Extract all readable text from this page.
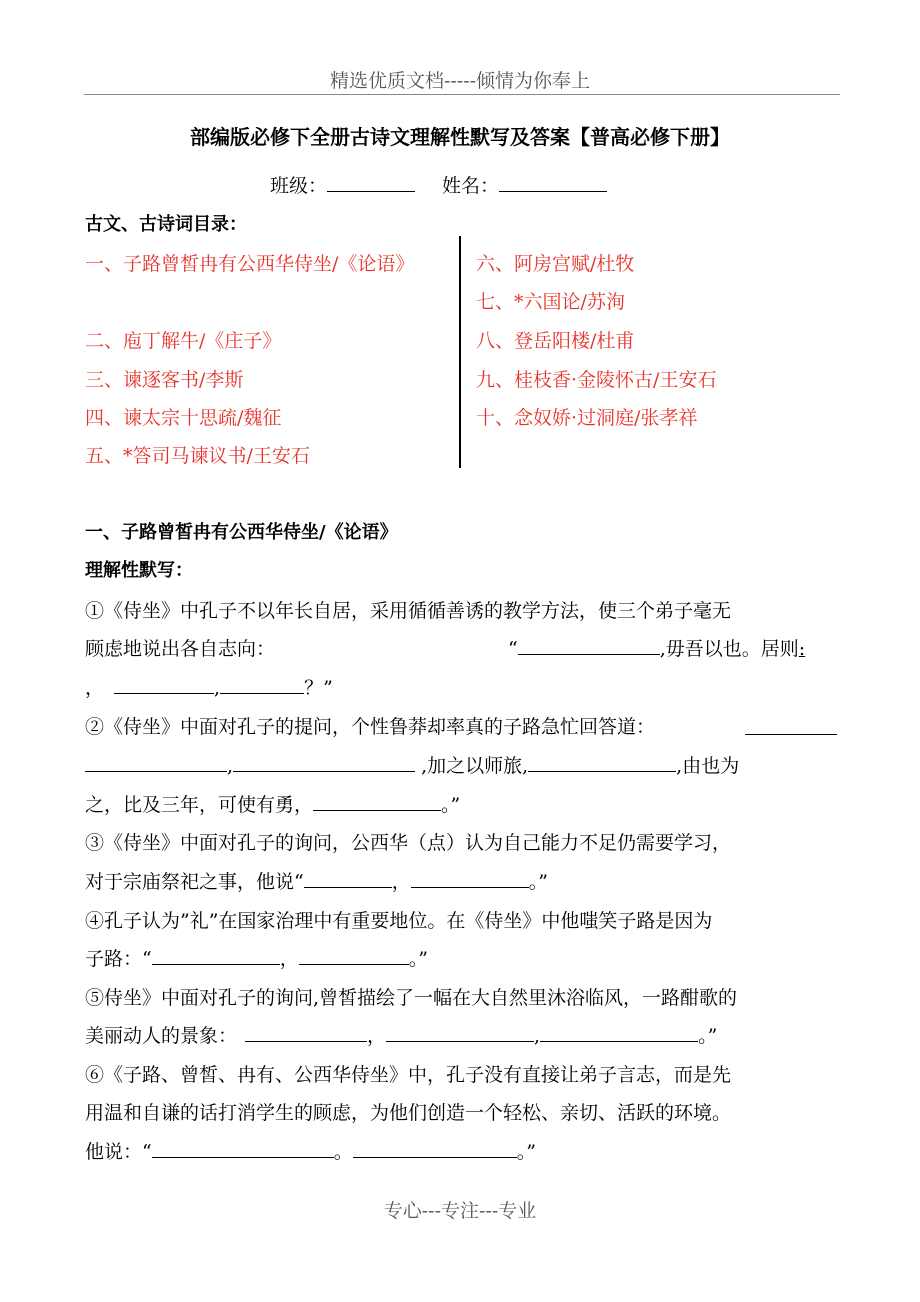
精选优质文档-----倾情为你奉上
部编版必修下全册古诗文理解性默写及答案【普高必修下册】
班级：	姓名：
古文、古诗词目录：
一、子路曾皙冉有公西华侍坐/《论语》
二、庖丁解牛/《庄子》
三、谏逐客书/李斯
四、谏太宗十思疏/魏征
五、*答司马谏议书/王安石
六、阿房宫赋/杜牧
七、*六国论/苏洵
八、登岳阳楼/杜甫
九、桂枝香·金陵怀古/王安石
十、念奴娇·过洞庭/张孝祥
一、子路曾皙冉有公西华侍坐/《论语》
理解性默写：
①《侍坐》中孔子不以年长自居，采用循循善诱的教学方法，使三个弟子毫无
顾虑地说出各自志向：	“	,毋吾以也。居则:
，	,	？”
②《侍坐》中面对孔子的提问，个性鲁莽却率真的子路急忙回答道：
,	,加之以师旅,	,由也为
之，比及三年，可使有勇，	。”
③《侍坐》中面对孔子的询问，公西华（点）认为自己能力不足仍需要学习，
对于宗庙祭祀之事，他说“	，	。”
④孔子认为”礼”在国家治理中有重要地位。在《侍坐》中他嗤笑子路是因为
子路：“	，	。”
⑤侍坐》中面对孔子的询问,曾皙描绘了一幅在大自然里沐浴临风，一路酣歌的
美丽动人的景象：	，	,	。”
⑥《子路、曾皙、冉有、公西华侍坐》中，孔子没有直接让弟子言志，而是先
用温和自谦的话打消学生的顾虑，为他们创造一个轻松、亲切、活跃的环境。
他说：“	。	。”
专心---专注---专业
